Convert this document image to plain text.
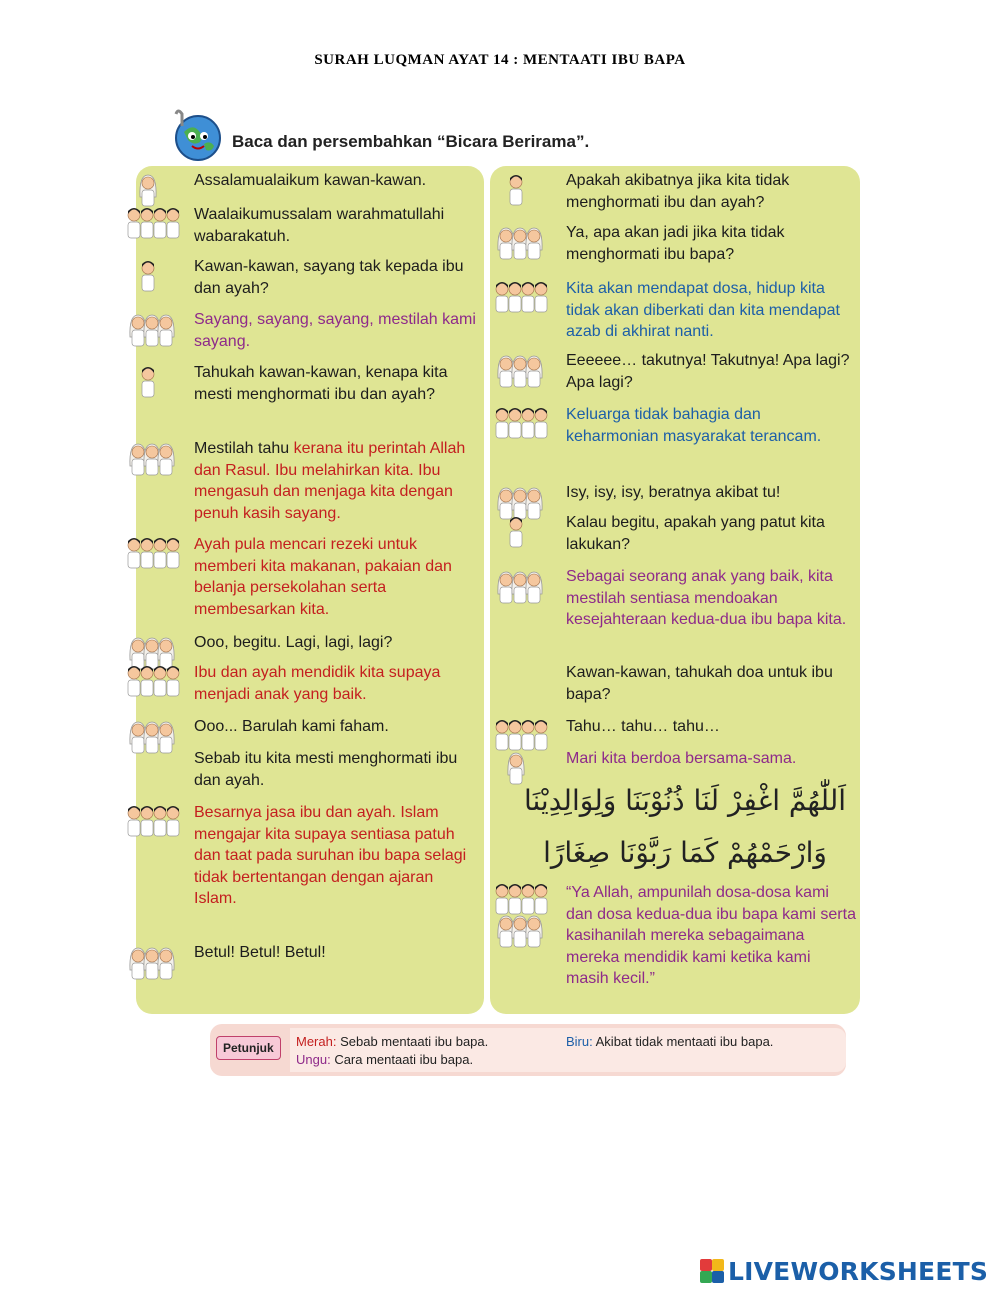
SURAH LUQMAN AYAT 14 : MENTAATI IBU BAPA
Baca dan persembahkan “Bicara Berirama”.
Assalamualaikum kawan-kawan.
Waalaikumussalam warahmatullahi wabarakatuh.
Kawan-kawan, sayang tak kepada ibu dan ayah?
Sayang, sayang, sayang, mestilah kami sayang.
Tahukah kawan-kawan, kenapa kita mesti menghormati ibu dan ayah?
Mestilah tahu kerana itu perintah Allah dan Rasul. Ibu melahirkan kita. Ibu mengasuh dan menjaga kita dengan penuh kasih sayang.
Ayah pula mencari rezeki untuk memberi kita makanan, pakaian dan belanja persekolahan serta membesarkan kita.
Ooo, begitu. Lagi, lagi, lagi?
Ibu dan ayah mendidik kita supaya menjadi anak yang baik.
Ooo... Barulah kami faham.
Sebab itu kita mesti menghormati ibu dan ayah.
Besarnya jasa ibu dan ayah. Islam mengajar kita supaya sentiasa patuh dan taat pada suruhan ibu bapa selagi tidak bertentangan dengan ajaran Islam.
Betul! Betul! Betul!
Apakah akibatnya jika kita tidak menghormati ibu dan ayah?
Ya, apa akan jadi jika kita tidak menghormati ibu bapa?
Kita akan mendapat dosa, hidup kita tidak akan diberkati dan kita mendapat azab di akhirat nanti.
Eeeeee… takutnya! Takutnya! Apa lagi? Apa lagi?
Keluarga tidak bahagia dan keharmonian masyarakat terancam.
Isy, isy, isy, beratnya akibat tu!
Kalau begitu, apakah yang patut kita lakukan?
Sebagai seorang anak yang baik, kita mestilah sentiasa mendoakan kesejahteraan kedua-dua ibu bapa kita.
Kawan-kawan, tahukah doa untuk ibu bapa?
Tahu… tahu… tahu…
Mari kita berdoa bersama-sama.
“Ya Allah, ampunilah dosa-dosa kami dan dosa kedua-dua ibu bapa kami serta kasihanilah mereka sebagaimana mereka mendidik kami ketika kami masih kecil.”
اَللّٰهُمَّ اغْفِرْ لَنَا ذُنُوْبَنَا وَلِوَالِدِيْنَا
وَارْحَمْهُمْ كَمَا رَبَّوْنَا صِغَارًا
Petunjuk	Merah: Sebab mentaati ibu bapa.
Ungu: Cara mentaati ibu bapa.
Biru: Akibat tidak mentaati ibu bapa.
LIVEWORKSHEETS
